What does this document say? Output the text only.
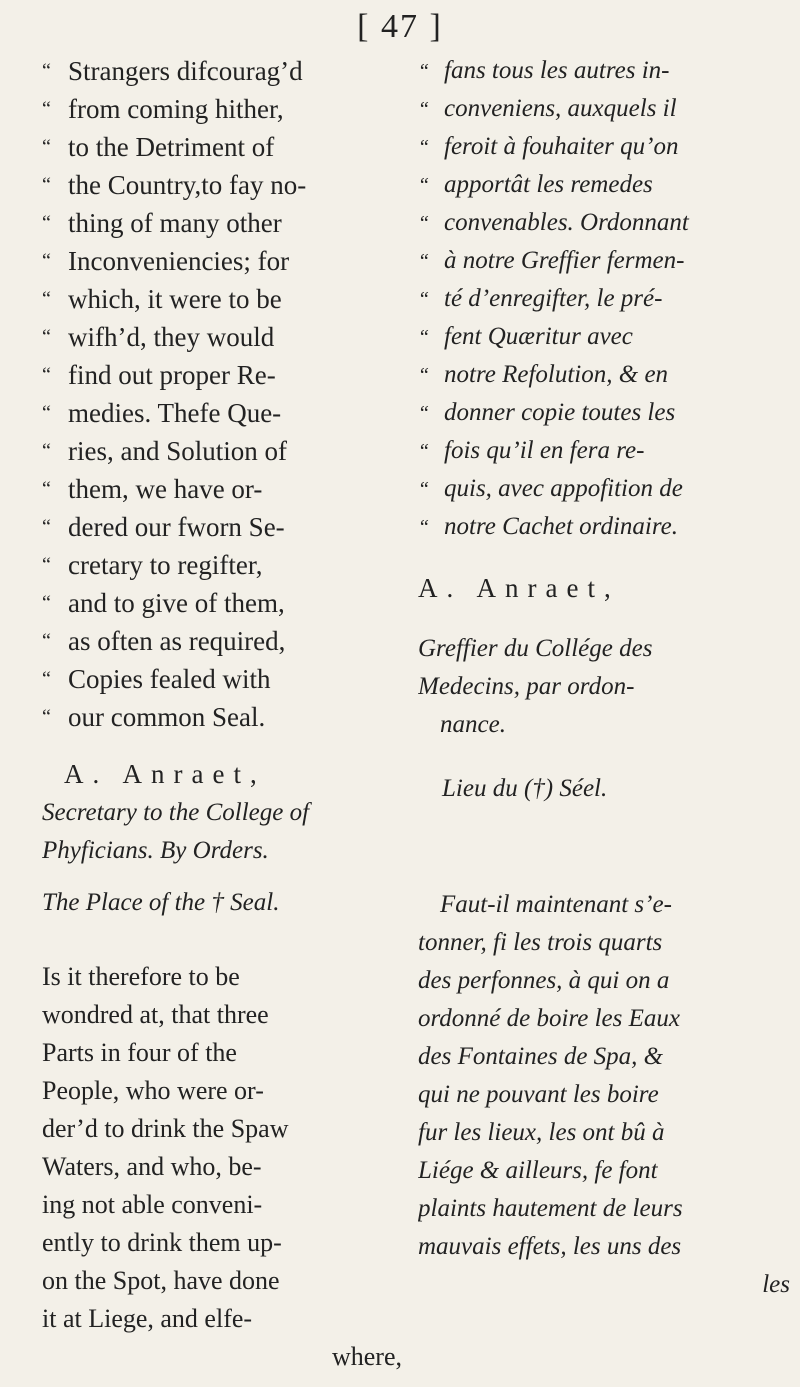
[ 47 ]
“ Strangers difcourag’d
“ from coming hither,
“ to the Detriment of
“ the Country,to fay no-
“ thing of many other
“ Inconveniencies; for
“ which, it were to be
“ wifh’d, they would
“ find out proper Re-
“ medies. Thefe Que-
“ ries, and Solution of
“ them, we have or-
“ dered our fworn Se-
“ cretary to regifter,
“ and to give of them,
“ as often as required,
“ Copies fealed with
“ our common Seal.
A. Anraet,
Secretary to the College of
Phyficians. By Orders.
The Place of the † Seal.
Is it therefore to be
wondred at, that three
Parts in four of the
People, who were or-
der’d to drink the Spaw
Waters, and who, be-
ing not able conveni-
ently to drink them up-
on the Spot, have done
it at Liege, and elfe-
where,
“ fans tous les autres in-
“ conveniens, auxquels il
“ feroit à fouhaiter qu’on
“ apportât les remedes
“ convenables. Ordonnant
“ à notre Greffier fermen-
“ té d’enregifter, le pré-
“ fent Quæritur avec
“ notre Refolution, & en
“ donner copie toutes les
“ fois qu’il en fera re-
“ quis, avec appofition de
“ notre Cachet ordinaire.
A. Anraet,
Greffier du Collége des
Medecins, par ordon-
nance.
Lieu du (†) Séel.
Faut-il maintenant s’e-
tonner, fi les trois quarts
des perfonnes, à qui on a
ordonné de boire les Eaux
des Fontaines de Spa, &
qui ne pouvant les boire
fur les lieux, les ont bû à
Liége & ailleurs, fe font
plaints hautement de leurs
mauvais effets, les uns des
les
